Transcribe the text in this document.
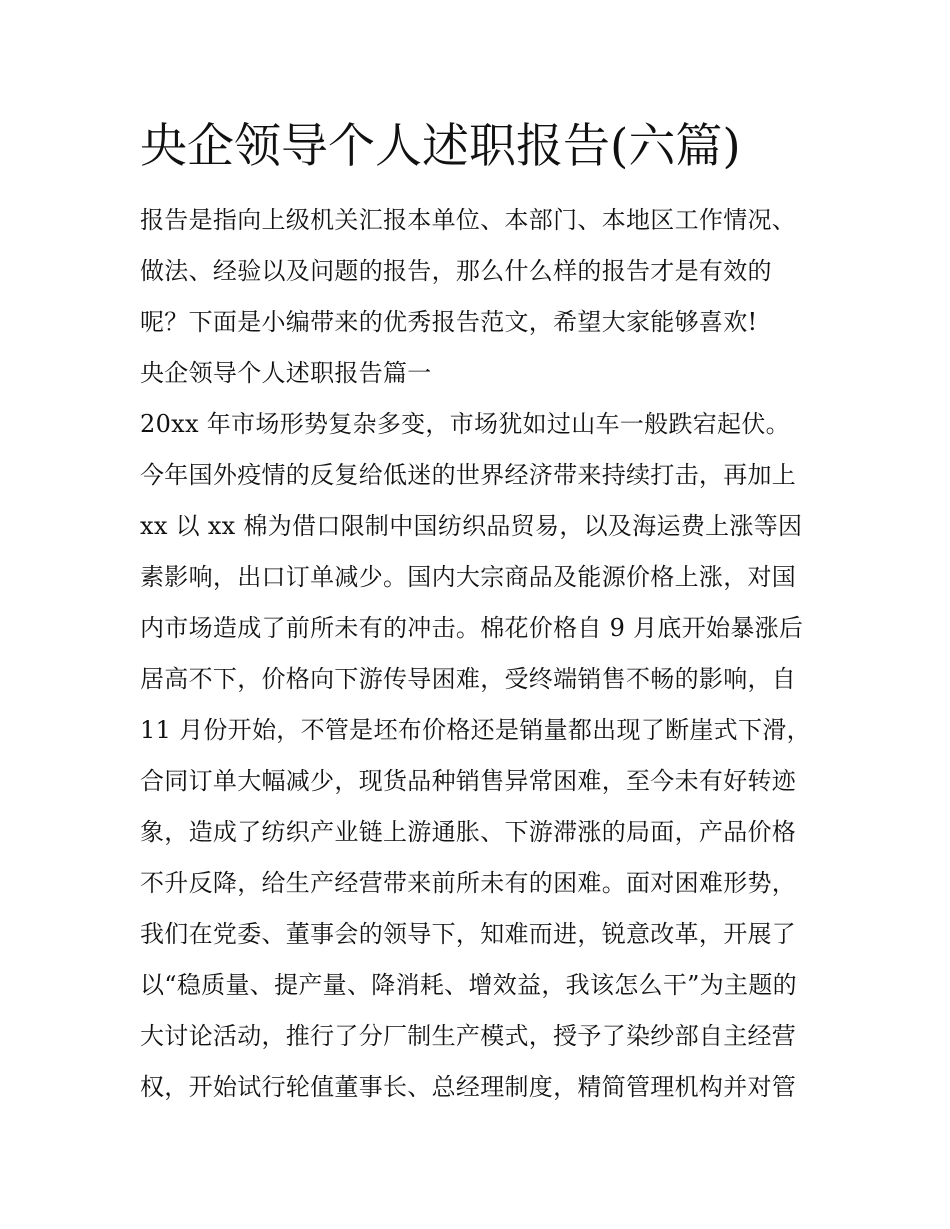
央企领导个人述职报告(六篇)
报告是指向上级机关汇报本单位、本部门、本地区工作情况、
做法、经验以及问题的报告，那么什么样的报告才是有效的
呢？下面是小编带来的优秀报告范文，希望大家能够喜欢!
央企领导个人述职报告篇一
20xx 年市场形势复杂多变，市场犹如过山车一般跌宕起伏。
今年国外疫情的反复给低迷的世界经济带来持续打击，再加上
xx 以 xx 棉为借口限制中国纺织品贸易，以及海运费上涨等因
素影响，出口订单减少。国内大宗商品及能源价格上涨，对国
内市场造成了前所未有的冲击。棉花价格自 9 月底开始暴涨后
居高不下，价格向下游传导困难，受终端销售不畅的影响，自
11 月份开始，不管是坯布价格还是销量都出现了断崖式下滑，
合同订单大幅减少，现货品种销售异常困难，至今未有好转迹
象，造成了纺织产业链上游通胀、下游滞涨的局面，产品价格
不升反降，给生产经营带来前所未有的困难。面对困难形势，
我们在党委、董事会的领导下，知难而进，锐意改革，开展了
以“稳质量、提产量、降消耗、增效益，我该怎么干”为主题的
大讨论活动，推行了分厂制生产模式，授予了染纱部自主经营
权，开始试行轮值董事长、总经理制度，精简管理机构并对管
